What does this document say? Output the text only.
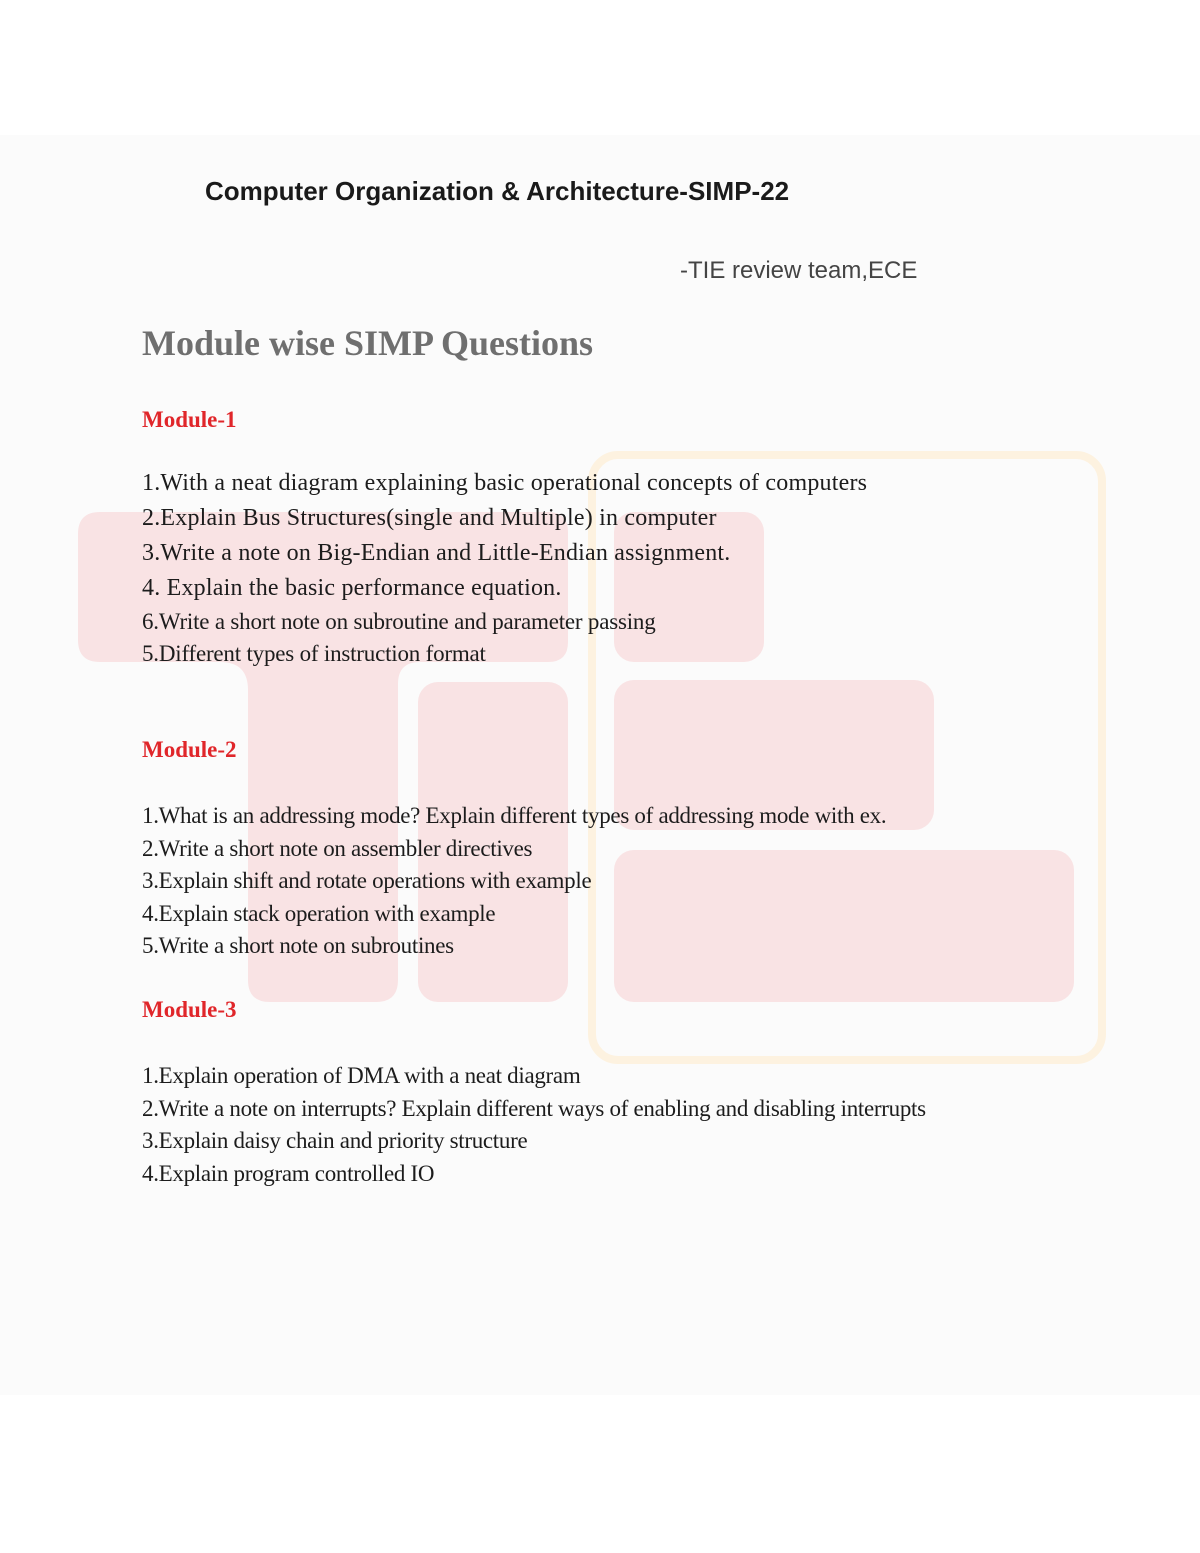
Computer Organization & Architecture-SIMP-22
-TIE review team,ECE
Module wise SIMP Questions
Module-1
1.With a neat diagram explaining basic operational concepts of computers
2.Explain Bus Structures(single and Multiple) in computer
3.Write a note on Big-Endian and Little-Endian assignment.
4. Explain the basic performance equation.
6.Write a short note on subroutine and parameter passing
5.Different types of instruction format
Module-2
1.What is an addressing mode? Explain different types of addressing mode with ex.
2.Write a short note on assembler directives
3.Explain shift and rotate operations with example
4.Explain stack operation with example
5.Write a short note on subroutines
Module-3
1.Explain operation of DMA with a neat diagram
2.Write a note on interrupts? Explain different ways of enabling and disabling interrupts
3.Explain daisy chain and priority structure
4.Explain program controlled IO
